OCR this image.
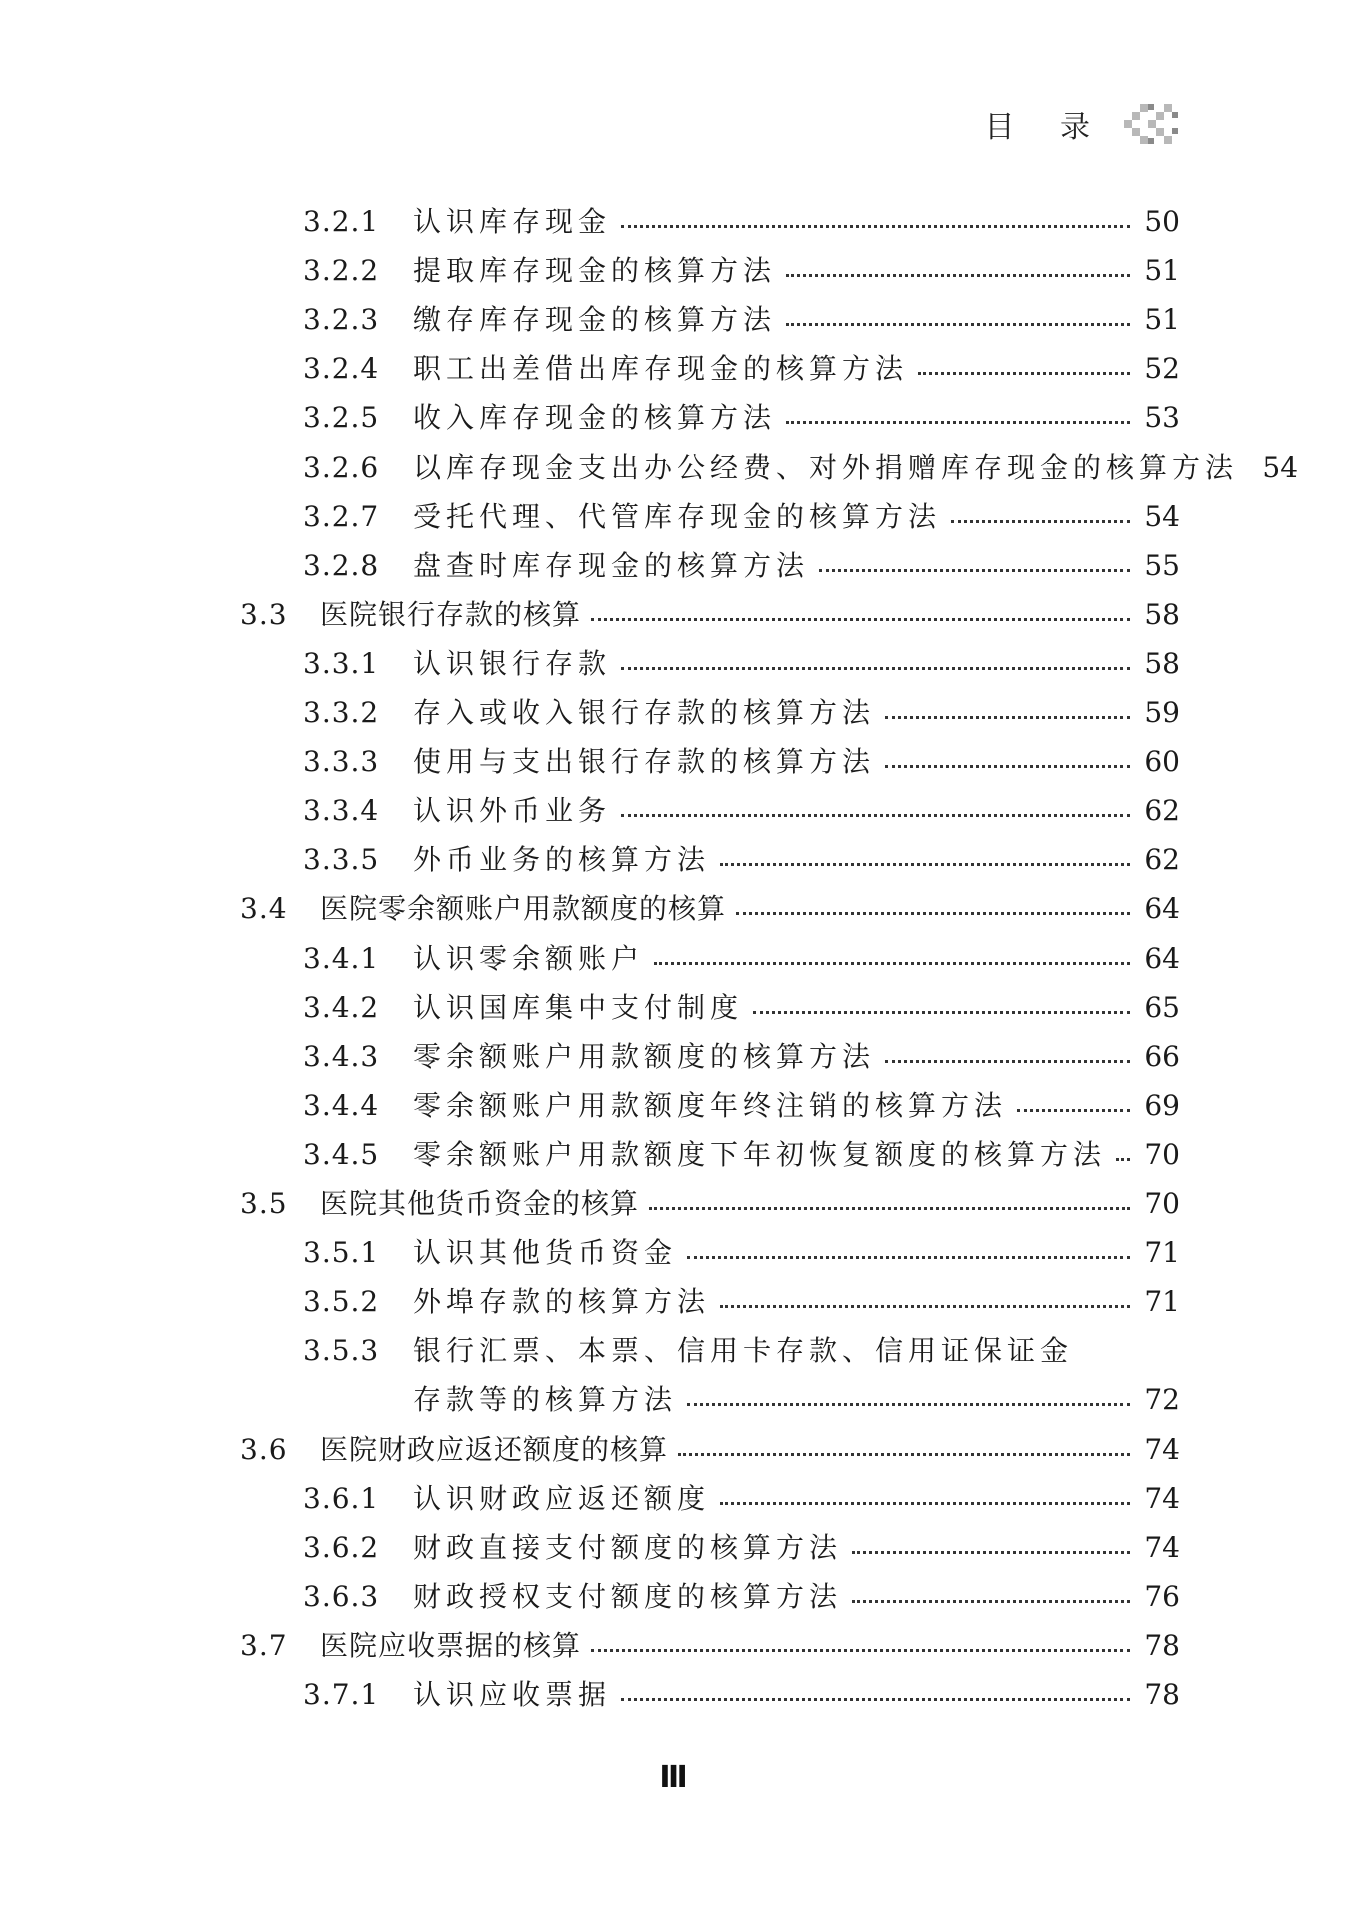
目 录
3.2.1	认识库存现金	50
3.2.2	提取库存现金的核算方法	51
3.2.3	缴存库存现金的核算方法	51
3.2.4	职工出差借出库存现金的核算方法	52
3.2.5	收入库存现金的核算方法	53
3.2.6	以库存现金支出办公经费、对外捐赠库存现金的核算方法 54
3.2.7	受托代理、代管库存现金的核算方法	54
3.2.8	盘查时库存现金的核算方法	55
3.3	医院银行存款的核算	58
3.3.1	认识银行存款	58
3.3.2	存入或收入银行存款的核算方法	59
3.3.3	使用与支出银行存款的核算方法	60
3.3.4	认识外币业务	62
3.3.5	外币业务的核算方法	62
3.4	医院零余额账户用款额度的核算	64
3.4.1	认识零余额账户	64
3.4.2	认识国库集中支付制度	65
3.4.3	零余额账户用款额度的核算方法	66
3.4.4	零余额账户用款额度年终注销的核算方法	69
3.4.5	零余额账户用款额度下年初恢复额度的核算方法 70
3.5	医院其他货币资金的核算	70
3.5.1	认识其他货币资金	71
3.5.2	外埠存款的核算方法	71
3.5.3	银行汇票、本票、信用卡存款、信用证保证金
存款等的核算方法	72
3.6	医院财政应返还额度的核算	74
3.6.1	认识财政应返还额度	74
3.6.2	财政直接支付额度的核算方法	74
3.6.3	财政授权支付额度的核算方法	76
3.7	医院应收票据的核算	78
3.7.1	认识应收票据	78
Ⅲ
